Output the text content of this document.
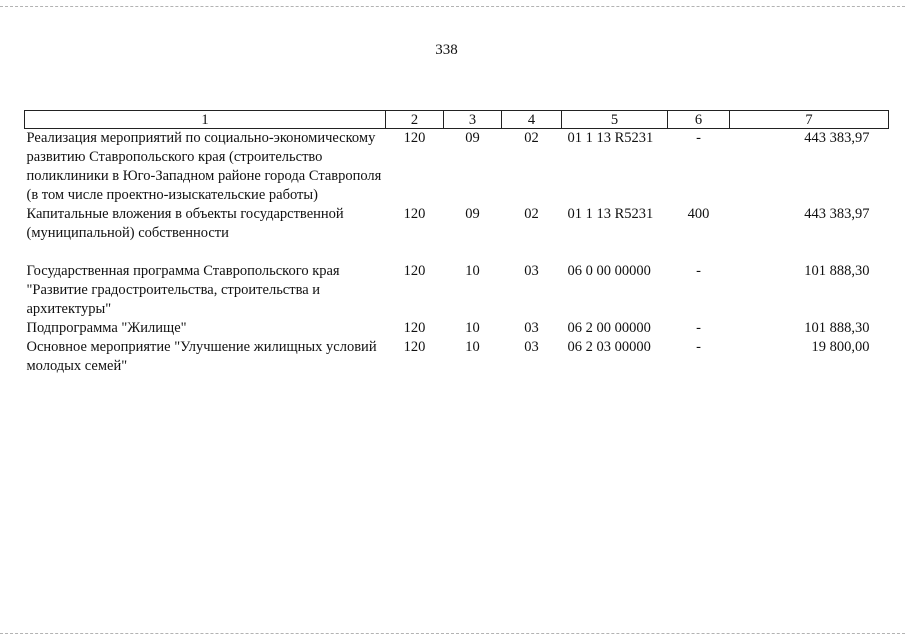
338
1	2	3	4	5	6	7
Реализация мероприятий по социально-экономическому развитию Ставропольского края (строительство поликлиники в Юго-Западном районе города Ставрополя (в том числе проектно-изыскательские работы)	120	09	02	01 1 13 R5231	-	443 383,97
Капитальные вложения в объекты государственной (муниципальной) собственности	120	09	02	01 1 13 R5231	400	443 383,97
Государственная программа Ставропольского края "Развитие градостроительства, строительства и архитектуры"	120	10	03	06 0 00 00000	-	101 888,30
Подпрограмма "Жилище"	120	10	03	06 2 00 00000	-	101 888,30
Основное мероприятие "Улучшение жилищных условий молодых семей"	120	10	03	06 2 03 00000	-	19 800,00
